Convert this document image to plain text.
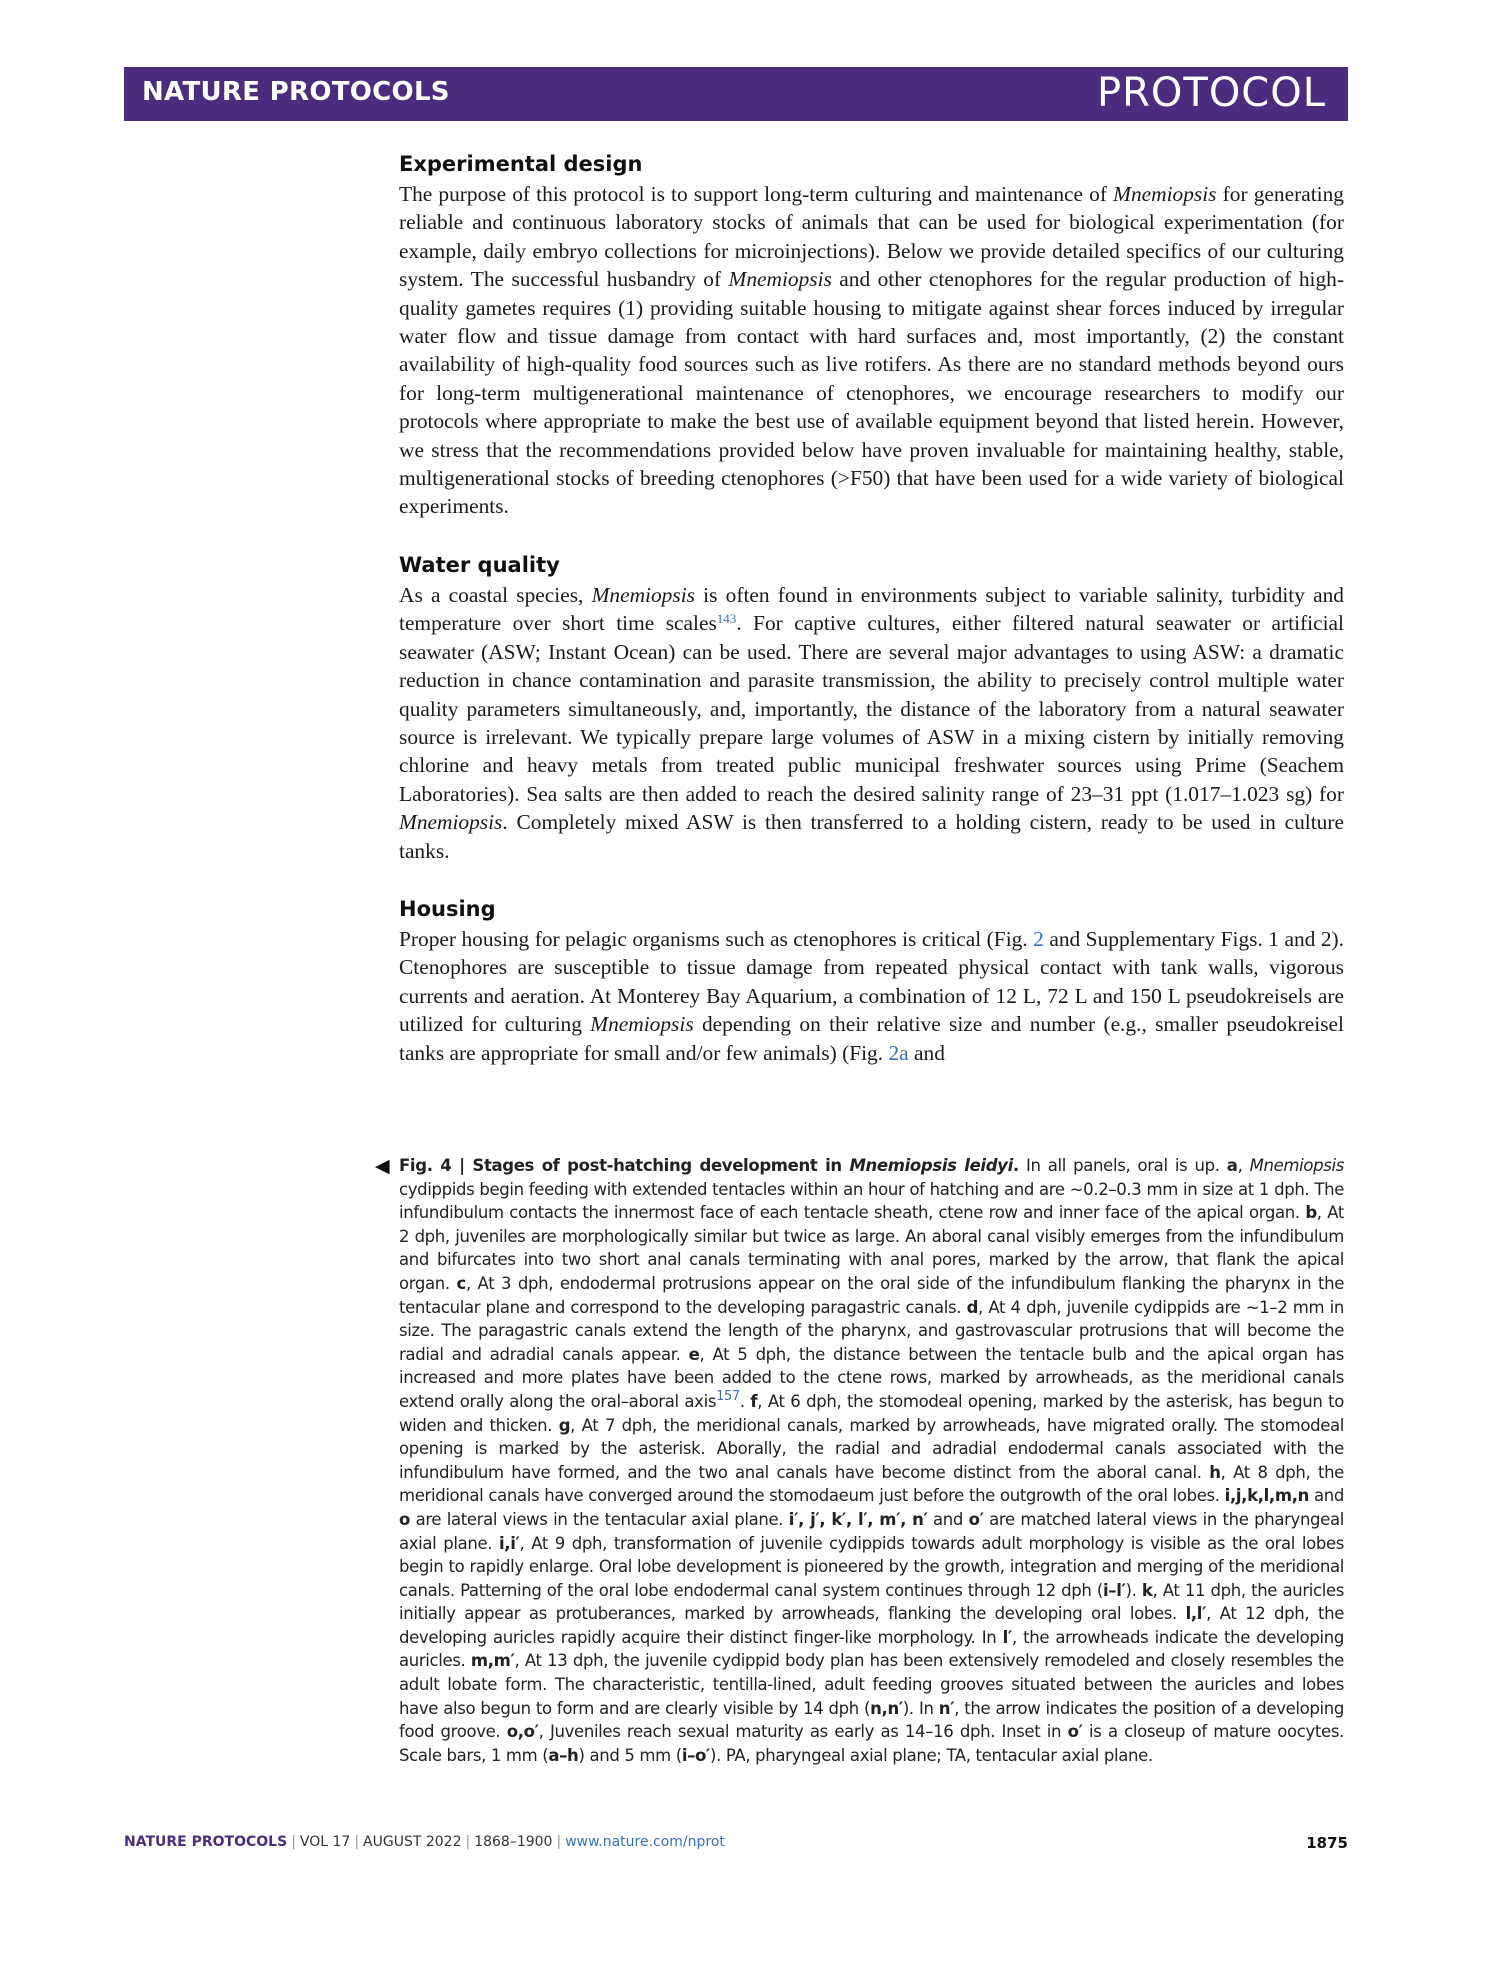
NATURE PROTOCOLS	PROTOCOL
Experimental design

The purpose of this protocol is to support long-term culturing and maintenance of Mnemiopsis for generating reliable and continuous laboratory stocks of animals that can be used for biological experimentation (for example, daily embryo collections for microinjections). Below we provide detailed specifics of our culturing system. The successful husbandry of Mnemiopsis and other ctenophores for the regular production of high-quality gametes requires (1) providing suitable housing to mitigate against shear forces induced by irregular water flow and tissue damage from contact with hard surfaces and, most importantly, (2) the constant availability of high-quality food sources such as live rotifers. As there are no standard methods beyond ours for long-term multigenerational maintenance of ctenophores, we encourage researchers to modify our protocols where appropriate to make the best use of available equipment beyond that listed herein. However, we stress that the recommendations provided below have proven invaluable for maintaining healthy, stable, multigenerational stocks of breeding ctenophores (>F50) that have been used for a wide variety of biological experiments.

Water quality

As a coastal species, Mnemiopsis is often found in environments subject to variable salinity, turbidity and temperature over short time scales$^{143}$. For captive cultures, either filtered natural seawater or artificial seawater (ASW; Instant Ocean) can be used. There are several major advantages to using ASW: a dramatic reduction in chance contamination and parasite transmission, the ability to precisely control multiple water quality parameters simultaneously, and, importantly, the distance of the laboratory from a natural seawater source is irrelevant. We typically prepare large volumes of ASW in a mixing cistern by initially removing chlorine and heavy metals from treated public municipal freshwater sources using Prime (Seachem Laboratories). Sea salts are then added to reach the desired salinity range of 23–31 ppt (1.017–1.023 sg) for Mnemiopsis. Completely mixed ASW is then transferred to a holding cistern, ready to be used in culture tanks.

Housing

Proper housing for pelagic organisms such as ctenophores is critical (Fig. 2 and Supplementary Figs. 1 and 2). Ctenophores are susceptible to tissue damage from repeated physical contact with tank walls, vigorous currents and aeration. At Monterey Bay Aquarium, a combination of 12 L, 72 L and 150 L pseudokreisels are utilized for culturing Mnemiopsis depending on their relative size and number (e.g., smaller pseudokreisel tanks are appropriate for small and/or few animals) (Fig. 2a and

◀ Fig. 4 | Stages of post-hatching development in Mnemiopsis leidyi. In all panels, oral is up. a, Mnemiopsis cydippids begin feeding with extended tentacles within an hour of hatching and are ~0.2–0.3 mm in size at 1 dph. The infundibulum contacts the innermost face of each tentacle sheath, ctene row and inner face of the apical organ. b, At 2 dph, juveniles are morphologically similar but twice as large. An aboral canal visibly emerges from the infundibulum and bifurcates into two short anal canals terminating with anal pores, marked by the arrow, that flank the apical organ. c, At 3 dph, endodermal protrusions appear on the oral side of the infundibulum flanking the pharynx in the tentacular plane and correspond to the developing paragastric canals. d, At 4 dph, juvenile cydippids are ~1–2 mm in size. The paragastric canals extend the length of the pharynx, and gastrovascular protrusions that will become the radial and adradial canals appear. e, At 5 dph, the distance between the tentacle bulb and the apical organ has increased and more plates have been added to the ctene rows, marked by arrowheads, as the meridional canals extend orally along the oral–aboral axis$^{157}$. f, At 6 dph, the stomodeal opening, marked by the asterisk, has begun to widen and thicken. g, At 7 dph, the meridional canals, marked by arrowheads, have migrated orally. The stomodeal opening is marked by the asterisk. Aborally, the radial and adradial endodermal canals associated with the infundibulum have formed, and the two anal canals have become distinct from the aboral canal. h, At 8 dph, the meridional canals have converged around the stomodaeum just before the outgrowth of the oral lobes. i,j,k,l,m,n and o are lateral views in the tentacular axial plane. i′, j′, k′, l′, m′, n′ and o′ are matched lateral views in the pharyngeal axial plane. i,i′, At 9 dph, transformation of juvenile cydippids towards adult morphology is visible as the oral lobes begin to rapidly enlarge. Oral lobe development is pioneered by the growth, integration and merging of the meridional canals. Patterning of the oral lobe endodermal canal system continues through 12 dph (i–l′). k, At 11 dph, the auricles initially appear as protuberances, marked by arrowheads, flanking the developing oral lobes. l,l′, At 12 dph, the developing auricles rapidly acquire their distinct finger-like morphology. In l′, the arrowheads indicate the developing auricles. m,m′, At 13 dph, the juvenile cydippid body plan has been extensively remodeled and closely resembles the adult lobate form. The characteristic, tentilla-lined, adult feeding grooves situated between the auricles and lobes have also begun to form and are clearly visible by 14 dph (n,n′). In n′, the arrow indicates the position of a developing food groove. o,o′, Juveniles reach sexual maturity as early as 14–16 dph. Inset in o′ is a closeup of mature oocytes. Scale bars, 1 mm (a–h) and 5 mm (i–o′). PA, pharyngeal axial plane; TA, tentacular axial plane.
NATURE PROTOCOLS | VOL 17 | AUGUST 2022 | 1868–1900 | www.nature.com/nprot	1875
